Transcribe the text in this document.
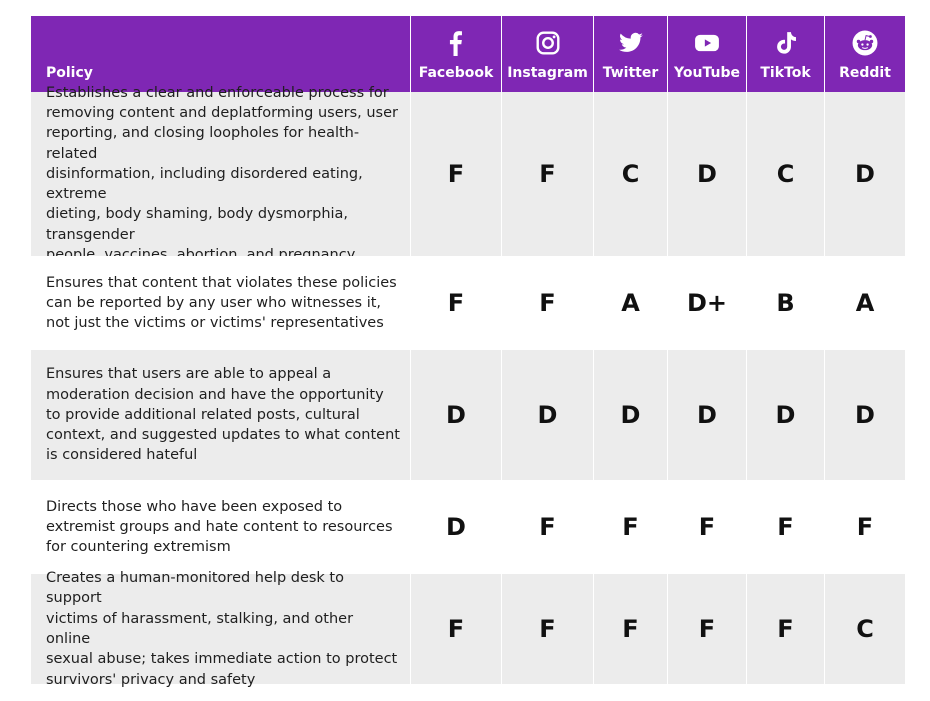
Policy	Facebook Instagram Twitter YouTube TikTok Reddit
Establishes a clear and enforceable process for
removing content and deplatforming users, user
reporting, and closing loopholes for health-related
disinformation, including disordered eating, extreme
dieting, body shaming, body dysmorphia, transgender

F	F	C	D	C	D
Ensures that content that violates these policies
can be reported by any user who witnesses it,
not just the victims or victims' representatives
F	F	A	D+	B	A
Ensures that users are able to appeal a
moderation decision and have the opportunity
to provide additional related posts, cultural
context, and suggested updates to what content
is considered hateful
D	D	D	D	D	D
Directs those who have been exposed to
extremist groups and hate content to resources
for countering extremism
D	F	F	F	F	F
Creates a human-monitored help desk to support
victims of harassment, stalking, and other online
sexual abuse; takes immediate action to protect
survivors' privacy and safety
F	F	F	F	F	C
